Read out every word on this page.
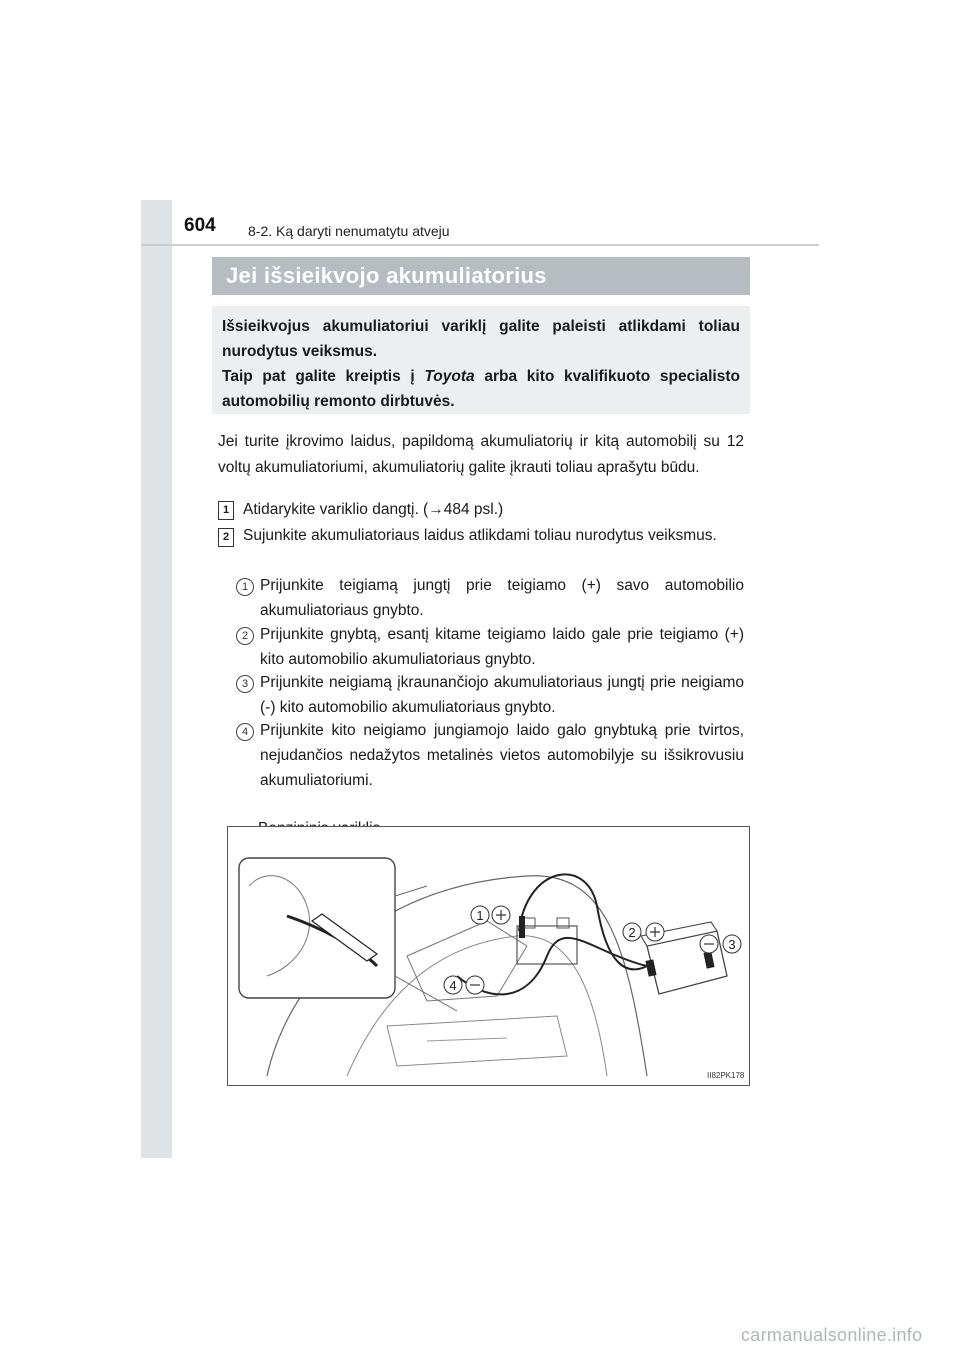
604 8-2. Ką daryti nenumatytu atveju
Jei išsieikvojo akumuliatorius

Išsieikvojus akumuliatoriui variklį galite paleisti atlikdami toliau nurodytus veiksmus.

Taip pat galite kreiptis į Toyota arba kito kvalifikuoto specialisto automobilių remonto dirbtuvės.

Jei turite įkrovimo laidus, papildomą akumuliatorių ir kitą automobilį su 12 voltų akumuliatoriumi, akumuliatorių galite įkrauti toliau aprašytu būdu.
1 Atidarykite variklio dangtį. (→484 psl.)
2 Sujunkite akumuliatoriaus laidus atlikdami toliau nurodytus veiksmus.
1 Prijunkite teigiamą jungtį prie teigiamo (+) savo automobilio akumuliatoriaus gnybto.
2 Prijunkite gnybtą, esantį kitame teigiamo laido gale prie teigiamo (+) kito automobilio akumuliatoriaus gnybto.
3 Prijunkite neigiamą įkraunančiojo akumuliatoriaus jungtį prie neigiamo (-) kito automobilio akumuliatoriaus gnybto.
4 Prijunkite kito neigiamo jungiamojo laido galo gnybtuką prie tvirtos, nejudančios nedažytos metalinės vietos automobilyje su išsikrovusiu akumuliatoriumi.
1
2
3
4
II82PK178
carmanualsonline.info
